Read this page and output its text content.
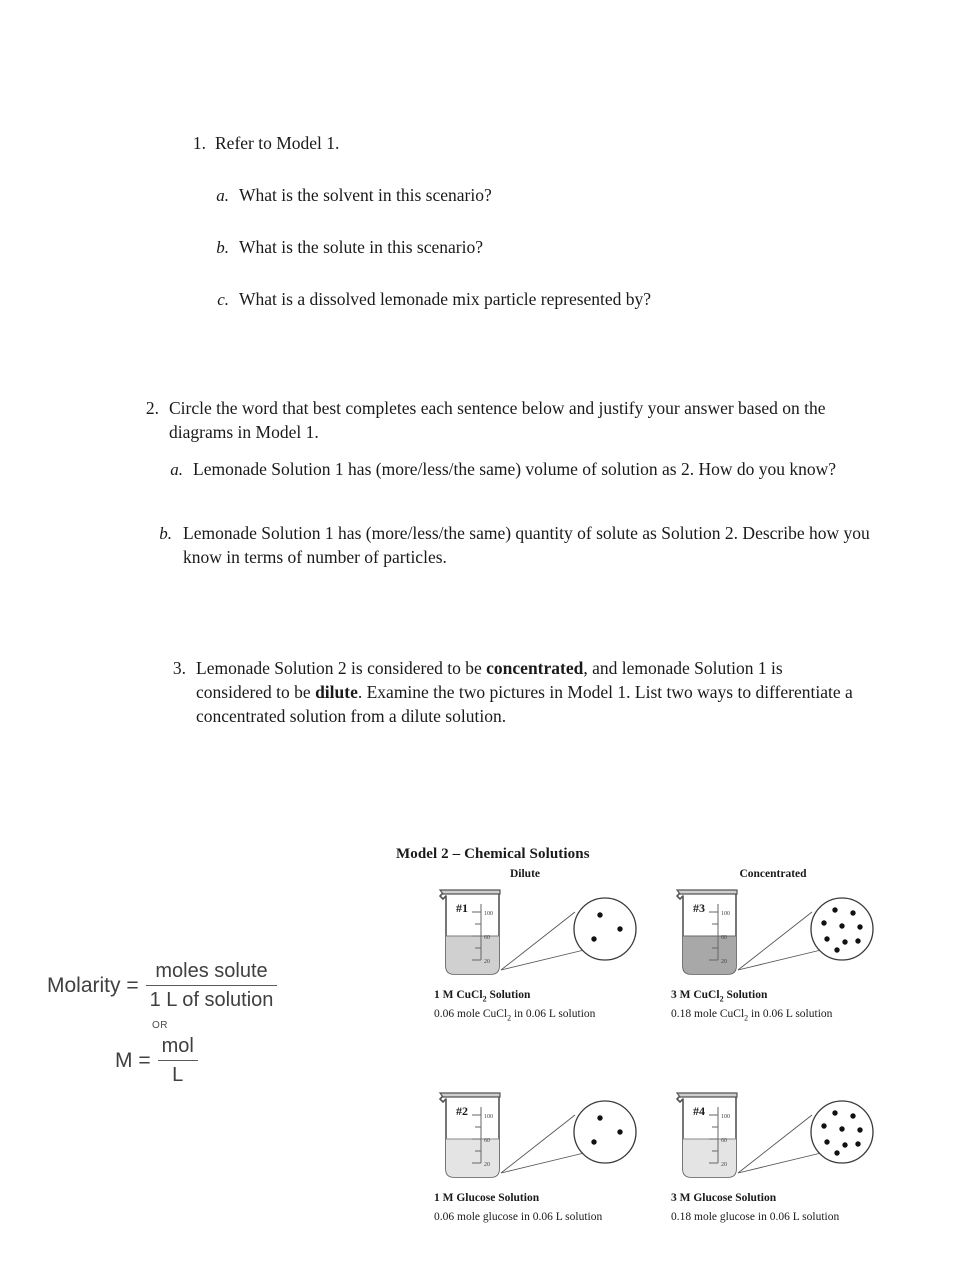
1. Refer to Model 1.
a. What is the solvent in this scenario?
b. What is the solute in this scenario?
c. What is a dissolved lemonade mix particle represented by?
2. Circle the word that best completes each sentence below and justify your answer based on the diagrams in Model 1.
a. Lemonade Solution 1 has (more/less/the same) volume of solution as 2. How do you know?
b. Lemonade Solution 1 has (more/less/the same) quantity of solute as Solution 2. Describe how you know in terms of number of particles.
3. Lemonade Solution 2 is considered to be concentrated, and lemonade Solution 1 is considered to be dilute. Examine the two pictures in Model 1. List two ways to differentiate a concentrated solution from a dilute solution.
Molarity = $\frac{\text{moles solute}}{\text{1 L of solution}}$
OR
$M = \frac{\text{mol}}{L}$
Model 2 – Chemical Solutions
Dilute	Concentrated
100
60
20
#1
1 M CuCl$_2$ Solution
0.06 mole CuCl$_2$ in 0.06 L solution
100
60
20
#3
3 M CuCl$_2$ Solution
0.18 mole CuCl$_2$ in 0.06 L solution
100
60
20
#2
1 M Glucose Solution
0.06 mole glucose in 0.06 L solution
100
60
20
#4
3 M Glucose Solution
0.18 mole glucose in 0.06 L solution
